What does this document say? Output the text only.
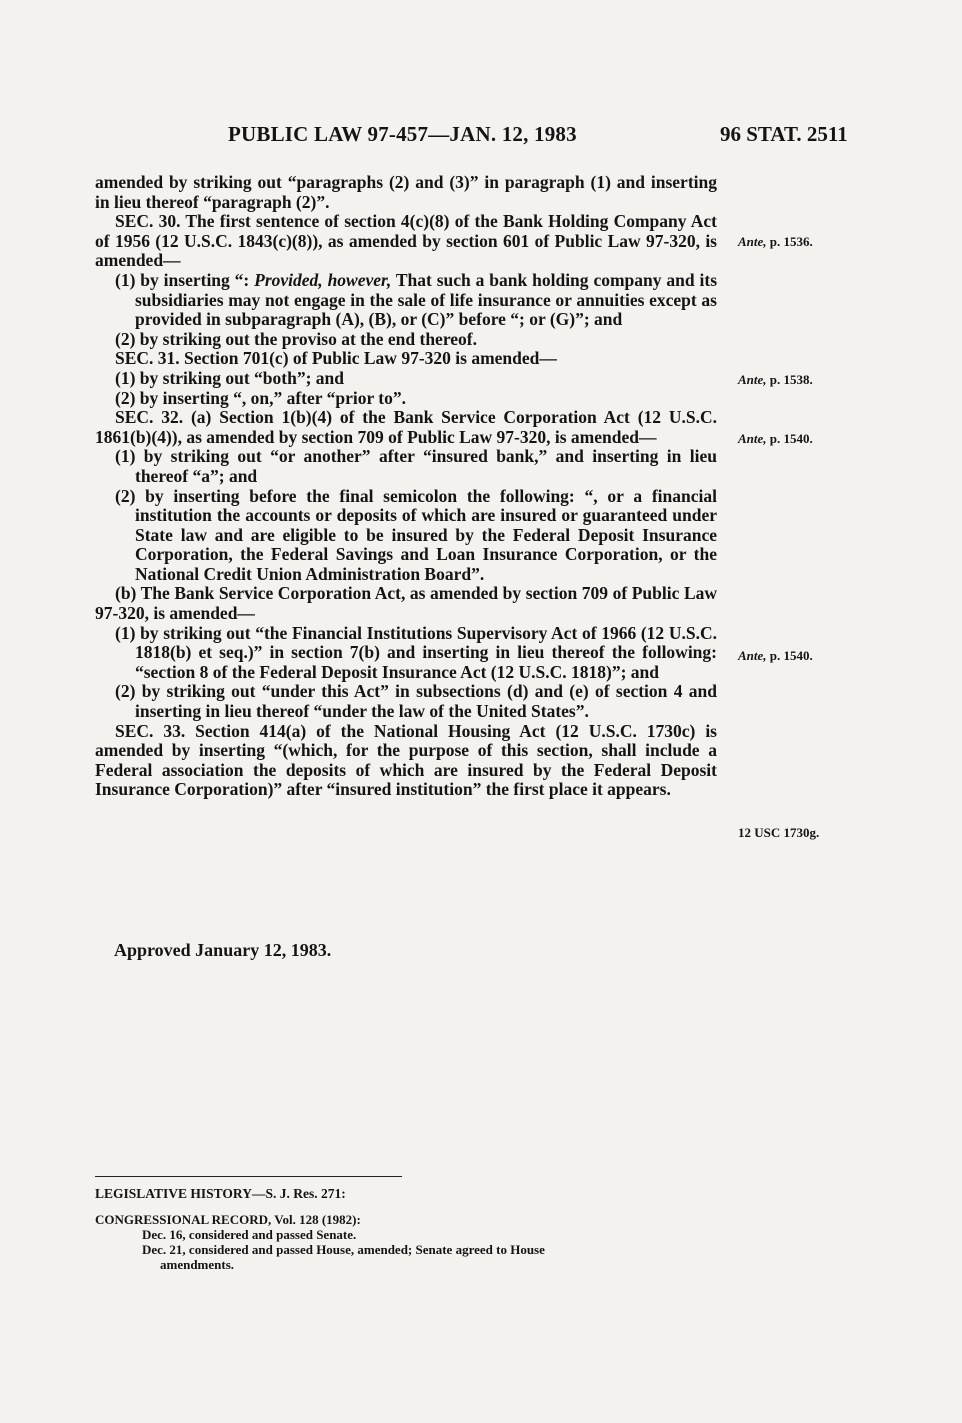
PUBLIC LAW 97-457—JAN. 12, 1983	96 STAT. 2511

amended by striking out “paragraphs (2) and (3)” in paragraph (1) and inserting in lieu thereof “paragraph (2)”.

SEC. 30. The first sentence of section 4(c)(8) of the Bank Holding Company Act of 1956 (12 U.S.C. 1843(c)(8)), as amended by section 601 of Public Law 97-320, is amended—

(1) by inserting “: Provided, however, That such a bank holding company and its subsidiaries may not engage in the sale of life insurance or annuities except as provided in subparagraph (A), (B), or (C)” before “; or (G)”; and

(2) by striking out the proviso at the end thereof.

SEC. 31. Section 701(c) of Public Law 97-320 is amended—

(1) by striking out “both”; and

(2) by inserting “, on,” after “prior to”.

SEC. 32. (a) Section 1(b)(4) of the Bank Service Corporation Act (12 U.S.C. 1861(b)(4)), as amended by section 709 of Public Law 97-320, is amended—

(1) by striking out “or another” after “insured bank,” and inserting in lieu thereof “a”; and

(2) by inserting before the final semicolon the following: “, or a financial institution the accounts or deposits of which are insured or guaranteed under State law and are eligible to be insured by the Federal Deposit Insurance Corporation, the Federal Savings and Loan Insurance Corporation, or the National Credit Union Administration Board”.

(b) The Bank Service Corporation Act, as amended by section 709 of Public Law 97-320, is amended—

(1) by striking out “the Financial Institutions Supervisory Act of 1966 (12 U.S.C. 1818(b) et seq.)” in section 7(b) and inserting in lieu thereof the following: “section 8 of the Federal Deposit Insurance Act (12 U.S.C. 1818)”; and

(2) by striking out “under this Act” in subsections (d) and (e) of section 4 and inserting in lieu thereof “under the law of the United States”.

SEC. 33. Section 414(a) of the National Housing Act (12 U.S.C. 1730c) is amended by inserting “(which, for the purpose of this section, shall include a Federal association the deposits of which are insured by the Federal Deposit Insurance Corporation)” after “insured institution” the first place it appears.

Ante, p. 1536.
Ante, p. 1538.
Ante, p. 1540.
Ante, p. 1540.
12 USC 1730g.
Approved January 12, 1983.
LEGISLATIVE HISTORY—S. J. Res. 271:
CONGRESSIONAL RECORD, Vol. 128 (1982):
Dec. 16, considered and passed Senate.
Dec. 21, considered and passed House, amended; Senate agreed to House
amendments.
